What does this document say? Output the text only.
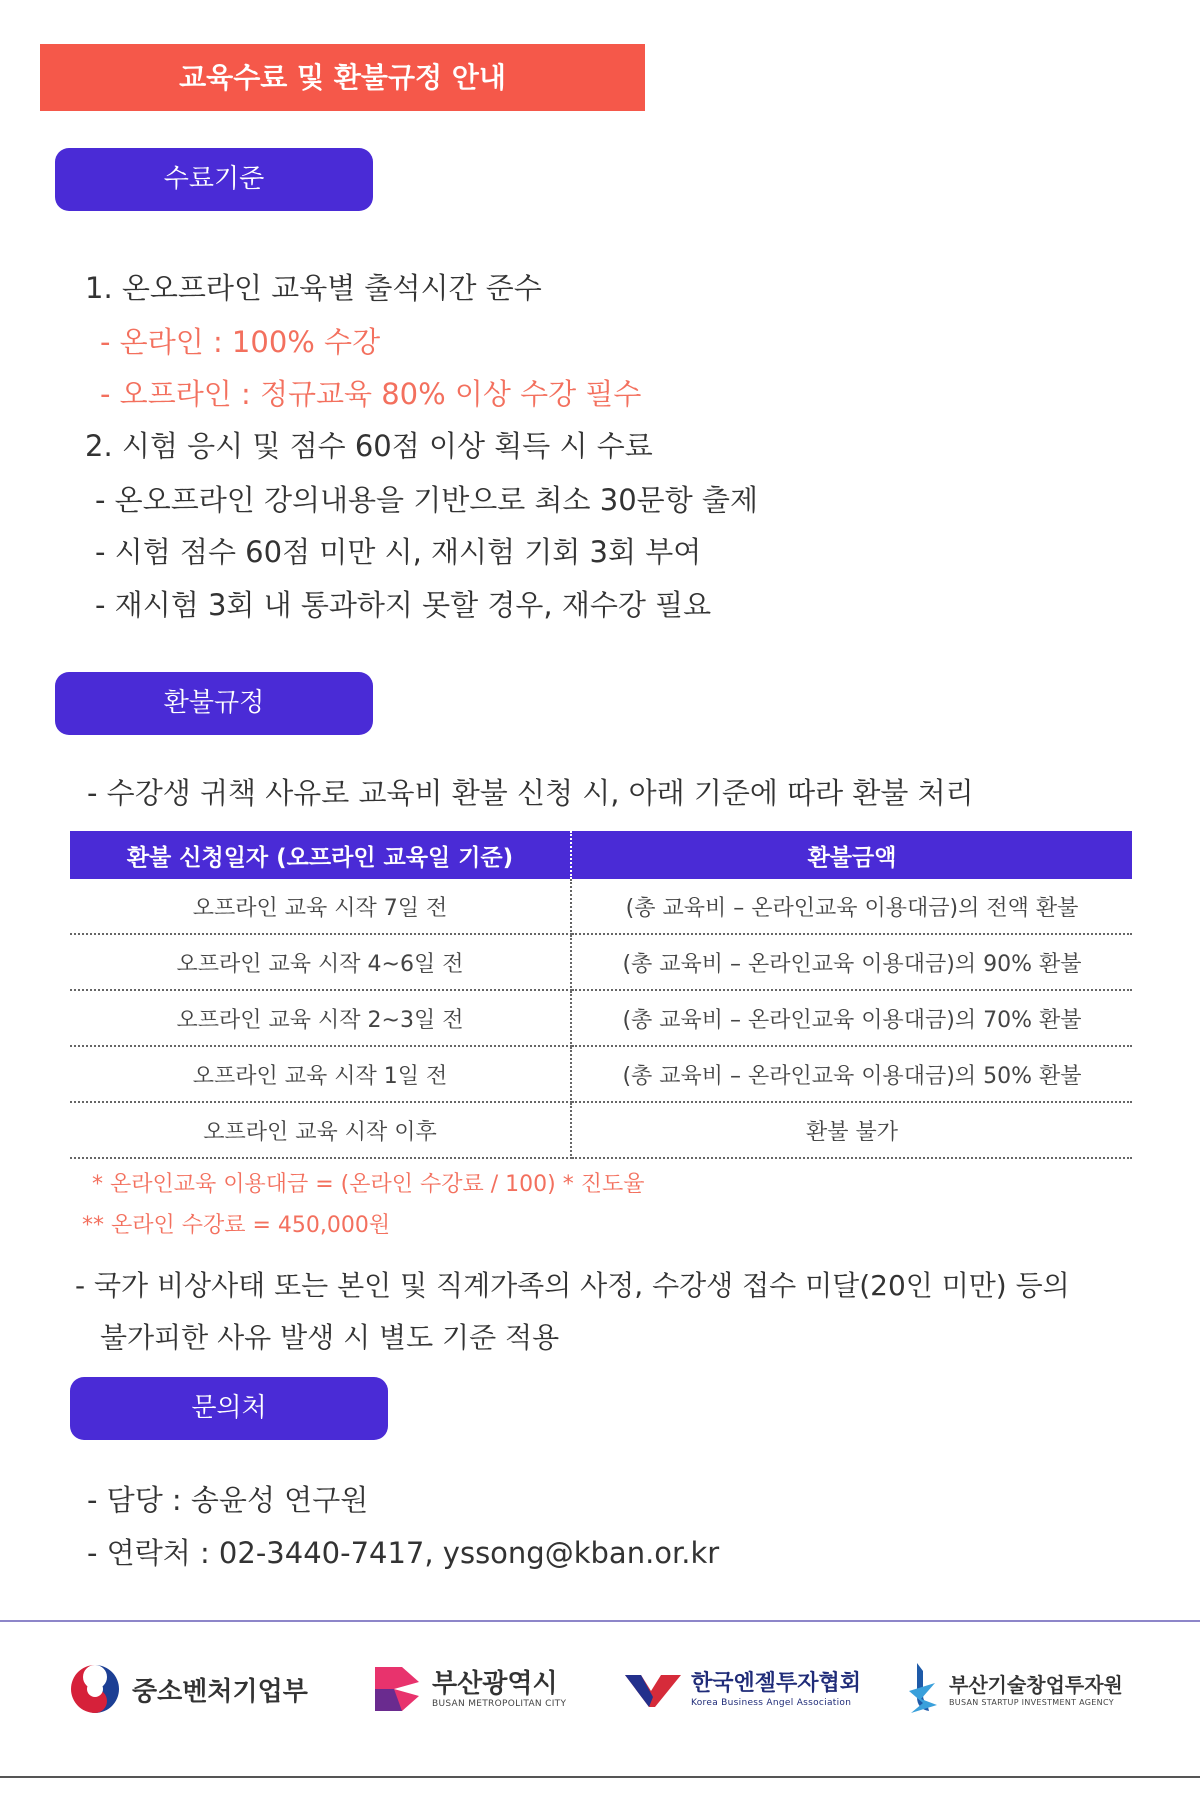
교육수료 및 환불규정 안내
수료기준
1. 온오프라인 교육별 출석시간 준수
- 온라인 : 100% 수강
- 오프라인 : 정규교육 80% 이상 수강 필수
2. 시험 응시 및 점수 60점 이상 획득 시 수료
- 온오프라인 강의내용을 기반으로 최소 30문항 출제
- 시험 점수 60점 미만 시, 재시험 기회 3회 부여
- 재시험 3회 내 통과하지 못할 경우, 재수강 필요
환불규정
- 수강생 귀책 사유로 교육비 환불 신청 시, 아래 기준에 따라 환불 처리
환불 신청일자 (오프라인 교육일 기준)	환불금액
오프라인 교육 시작 7일 전	(총 교육비 – 온라인교육 이용대금)의 전액 환불
오프라인 교육 시작 4~6일 전	(총 교육비 – 온라인교육 이용대금)의 90% 환불
오프라인 교육 시작 2~3일 전	(총 교육비 – 온라인교육 이용대금)의 70% 환불
오프라인 교육 시작 1일 전	(총 교육비 – 온라인교육 이용대금)의 50% 환불
오프라인 교육 시작 이후	환불 불가
* 온라인교육 이용대금 = (온라인 수강료 / 100) * 진도율
** 온라인 수강료 = 450,000원
- 국가 비상사태 또는 본인 및 직계가족의 사정, 수강생 접수 미달(20인 미만) 등의
불가피한 사유 발생 시 별도 기준 적용
문의처
- 담당 : 송윤성 연구원
- 연락처 : 02-3440-7417, yssong@kban.or.kr
중소벤처기업부	부산광역시
BUSAN METROPOLITAN CITY
한국엔젤투자협회
Korea Business Angel Association
부산기술창업투자원
BUSAN STARTUP INVESTMENT AGENCY
